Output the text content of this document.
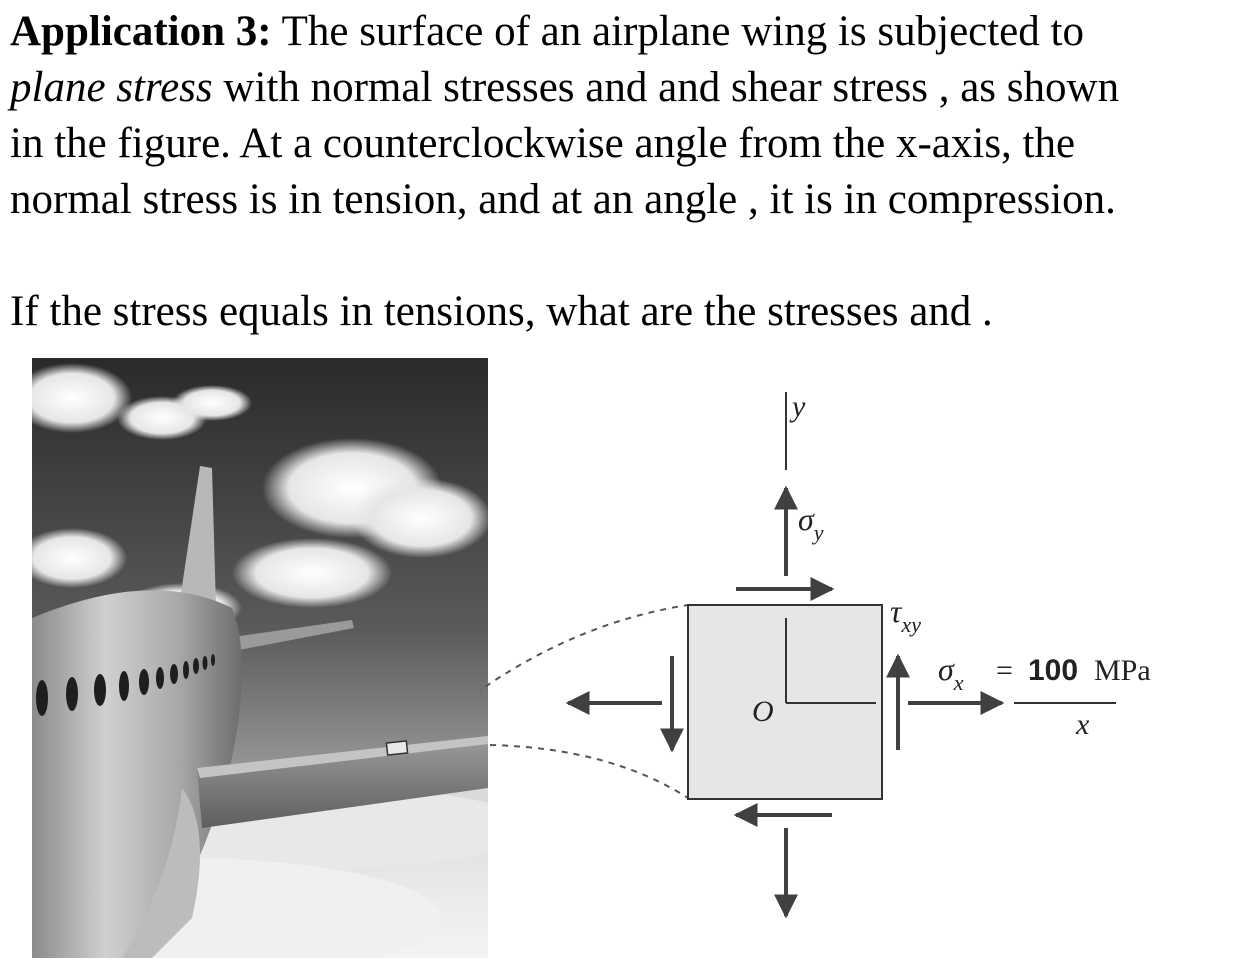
Application 3: The surface of an airplane wing is subjected to
plane stress with normal stresses and and shear stress , as shown
in the figure. At a counterclockwise angle from the x-axis, the
normal stress is in tension, and at an angle , it is in compression.
If the stress equals in tensions, what are the stresses and .
O
y
$\sigma_y$
$\tau_{xy}$
$\sigma_x = 100$ MPa
x
